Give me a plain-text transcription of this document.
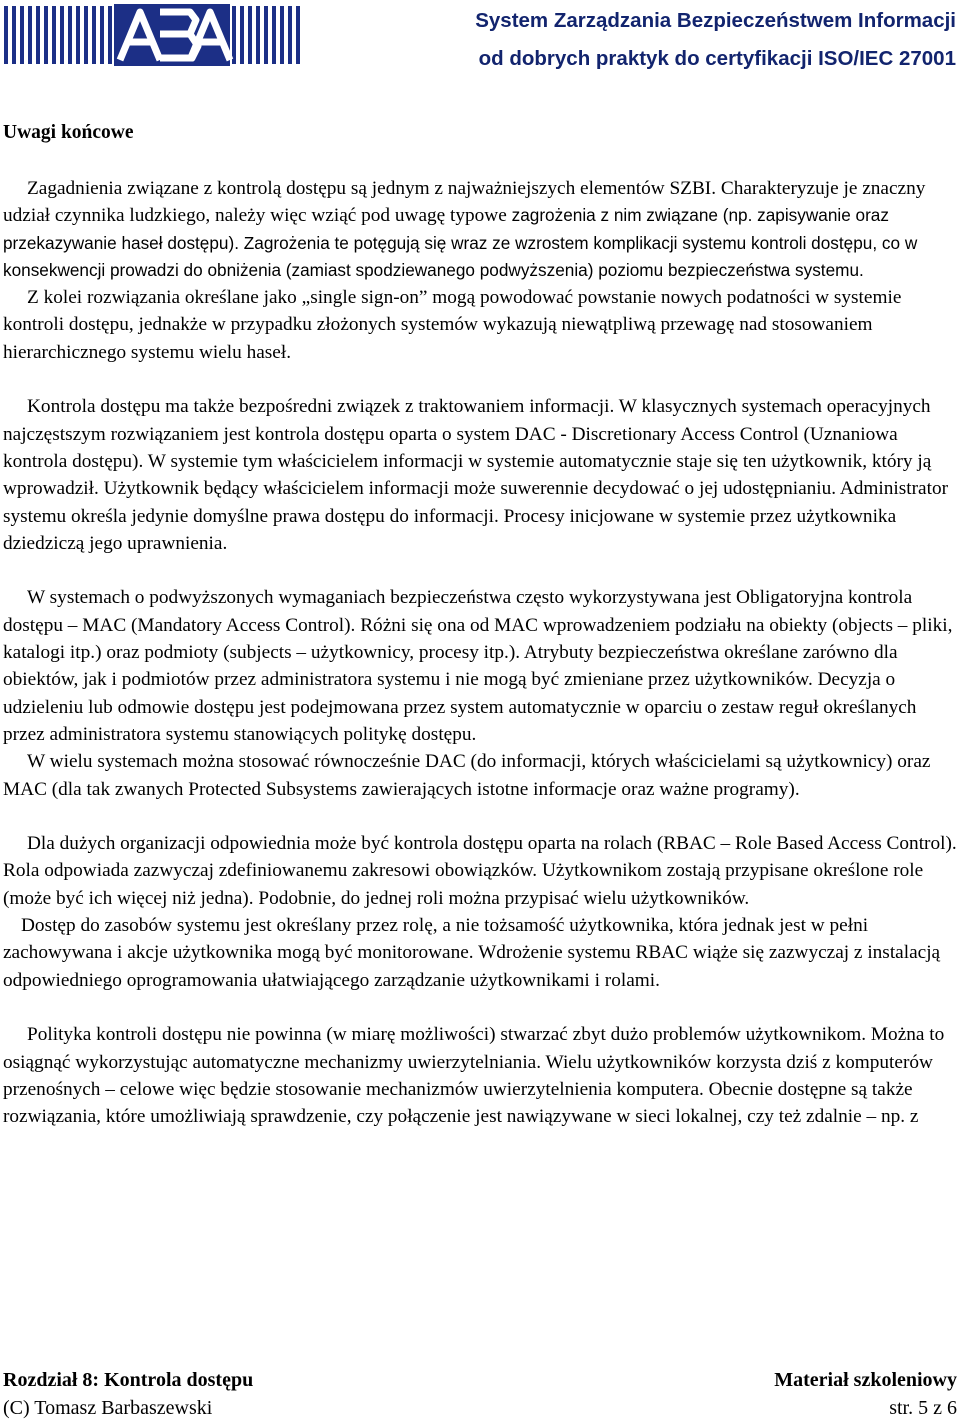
System Zarządzania Bezpieczeństwem Informacji
od dobrych praktyk do certyfikacji ISO/IEC 27001
Uwagi końcowe

Zagadnienia związane z kontrolą dostępu są jednym z najważniejszych elementów SZBI. Charakteryzuje je znaczny udział czynnika ludzkiego, należy więc wziąć pod uwagę typowe zagrożenia z nim związane (np. zapisywanie oraz przekazywanie haseł dostępu). Zagrożenia te potęgują się wraz ze wzrostem komplikacji systemu kontroli dostępu, co w konsekwencji prowadzi do obniżenia (zamiast spodziewanego podwyższenia) poziomu bezpieczeństwa systemu.

Z kolei rozwiązania określane jako „single sign-on” mogą powodować powstanie nowych podatności w systemie kontroli dostępu, jednakże w przypadku złożonych systemów wykazują niewątpliwą przewagę nad stosowaniem hierarchicznego systemu wielu haseł.

Kontrola dostępu ma także bezpośredni związek z traktowaniem informacji. W klasycznych systemach operacyjnych najczęstszym rozwiązaniem jest kontrola dostępu oparta o system DAC - Discretionary Access Control (Uznaniowa kontrola dostępu). W systemie tym właścicielem informacji w systemie automatycznie staje się ten użytkownik, który ją wprowadził. Użytkownik będący właścicielem informacji może suwerennie decydować o jej udostępnianiu. Administrator systemu określa jedynie domyślne prawa dostępu do informacji. Procesy inicjowane w systemie przez użytkownika dziedziczą jego uprawnienia.

W systemach o podwyższonych wymaganiach bezpieczeństwa często wykorzystywana jest Obligatoryjna kontrola dostępu – MAC (Mandatory Access Control). Różni się ona od MAC wprowadzeniem podziału na obiekty (objects – pliki, katalogi itp.) oraz podmioty (subjects – użytkownicy, procesy itp.). Atrybuty bezpieczeństwa określane zarówno dla obiektów, jak i podmiotów przez administratora systemu i nie mogą być zmieniane przez użytkowników. Decyzja o udzieleniu lub odmowie dostępu jest podejmowana przez system automatycznie w oparciu o zestaw reguł określanych przez administratora systemu stanowiących politykę dostępu.

W wielu systemach można stosować równocześnie DAC (do informacji, których właścicielami są użytkownicy) oraz MAC (dla tak zwanych Protected Subsystems zawierających istotne informacje oraz ważne programy).

Dla dużych organizacji odpowiednia może być kontrola dostępu oparta na rolach (RBAC – Role Based Access Control). Rola odpowiada zazwyczaj zdefiniowanemu zakresowi obowiązków. Użytkownikom zostają przypisane określone role (może być ich więcej niż jedna). Podobnie, do jednej roli można przypisać wielu użytkowników.

Dostęp do zasobów systemu jest określany przez rolę, a nie tożsamość użytkownika, która jednak jest w pełni zachowywana i akcje użytkownika mogą być monitorowane. Wdrożenie systemu RBAC wiąże się zazwyczaj z instalacją odpowiedniego oprogramowania ułatwiającego zarządzanie użytkownikami i rolami.

Polityka kontroli dostępu nie powinna (w miarę możliwości) stwarzać zbyt dużo problemów użytkownikom. Można to osiągnąć wykorzystując automatyczne mechanizmy uwierzytelniania. Wielu użytkowników korzysta dziś z komputerów przenośnych – celowe więc będzie stosowanie mechanizmów uwierzytelnienia komputera. Obecnie dostępne są także rozwiązania, które umożliwiają sprawdzenie, czy połączenie jest nawiązywane w sieci lokalnej, czy też zdalnie – np. z

Rozdział 8: Kontrola dostępu	Materiał szkoleniowy
(C) Tomasz Barbaszewski	str. 5 z 6
